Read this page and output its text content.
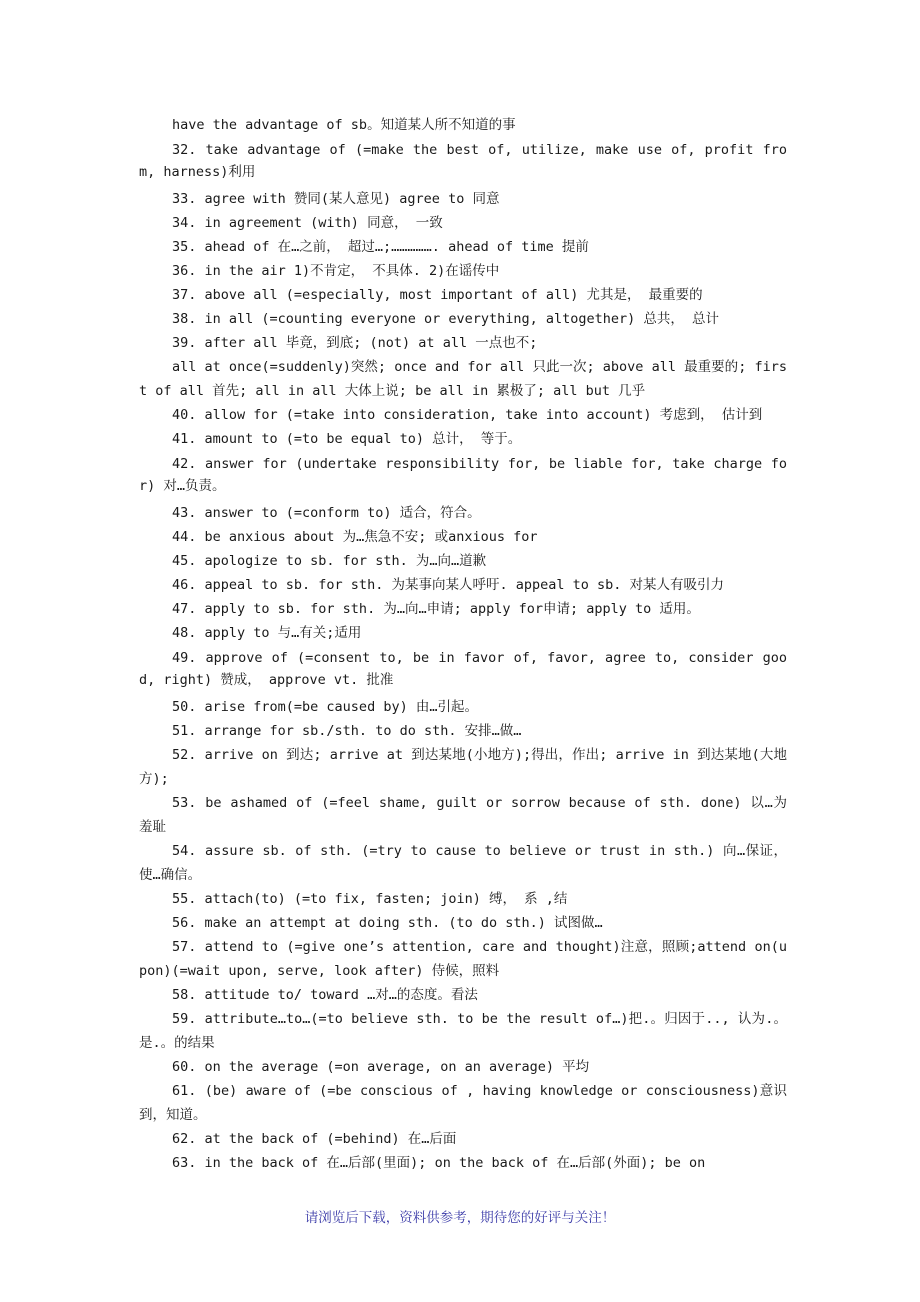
have the advantage of sb。知道某人所不知道的事
32. take advantage of (=make the best of, utilize, make use of, profit from, harness)利用
33. agree with 赞同(某人意见) agree to 同意
34. in agreement (with) 同意， 一致
35. ahead of 在…之前， 超过…;……………. ahead of time 提前
36. in the air 1)不肯定， 不具体. 2)在谣传中
37. above all (=especially, most important of all) 尤其是， 最重要的
38. in all (=counting everyone or everything, altogether) 总共， 总计
39. after all 毕竟，到底; (not) at all 一点也不;
all at once(=suddenly)突然; once and for all 只此一次; above all 最重要的; first of all 首先; all in all 大体上说; be all in 累极了; all but 几乎
40. allow for (=take into consideration, take into account) 考虑到， 估计到
41. amount to (=to be equal to) 总计， 等于。
42. answer for (undertake responsibility for, be liable for, take charge for) 对…负责。
43. answer to (=conform to) 适合，符合。
44. be anxious about 为…焦急不安; 或anxious for
45. apologize to sb. for sth. 为…向…道歉
46. appeal to sb. for sth. 为某事向某人呼吁. appeal to sb. 对某人有吸引力
47. apply to sb. for sth. 为…向…申请; apply for申请; apply to 适用。
48. apply to 与…有关;适用
49. approve of (=consent to, be in favor of, favor, agree to, consider good, right) 赞成， approve vt. 批准
50. arise from(=be caused by) 由…引起。
51. arrange for sb./sth. to do sth. 安排…做…
52. arrive on 到达; arrive at 到达某地(小地方);得出，作出; arrive in 到达某地(大地方);
53. be ashamed of (=feel shame, guilt or sorrow because of sth. done) 以…为羞耻
54. assure sb. of sth. (=try to cause to believe or trust in sth.) 向…保证，使…确信。
55. attach(to) (=to fix, fasten; join) 缚， 系 ,结
56. make an attempt at doing sth. (to do sth.) 试图做…
57. attend to (=give one’s attention, care and thought)注意，照顾;attend on(upon)(=wait upon, serve, look after) 侍候，照料
58. attitude to/ toward …对…的态度。看法
59. attribute…to…(=to believe sth. to be the result of…)把.。归因于.., 认为.。是.。的结果
60. on the average (=on average, on an average) 平均
61. (be) aware of (=be conscious of , having knowledge or consciousness)意识到，知道。
62. at the back of (=behind) 在…后面
63. in the back of 在…后部(里面); on the back of 在…后部(外面); be on
请浏览后下载，资料供参考，期待您的好评与关注！
